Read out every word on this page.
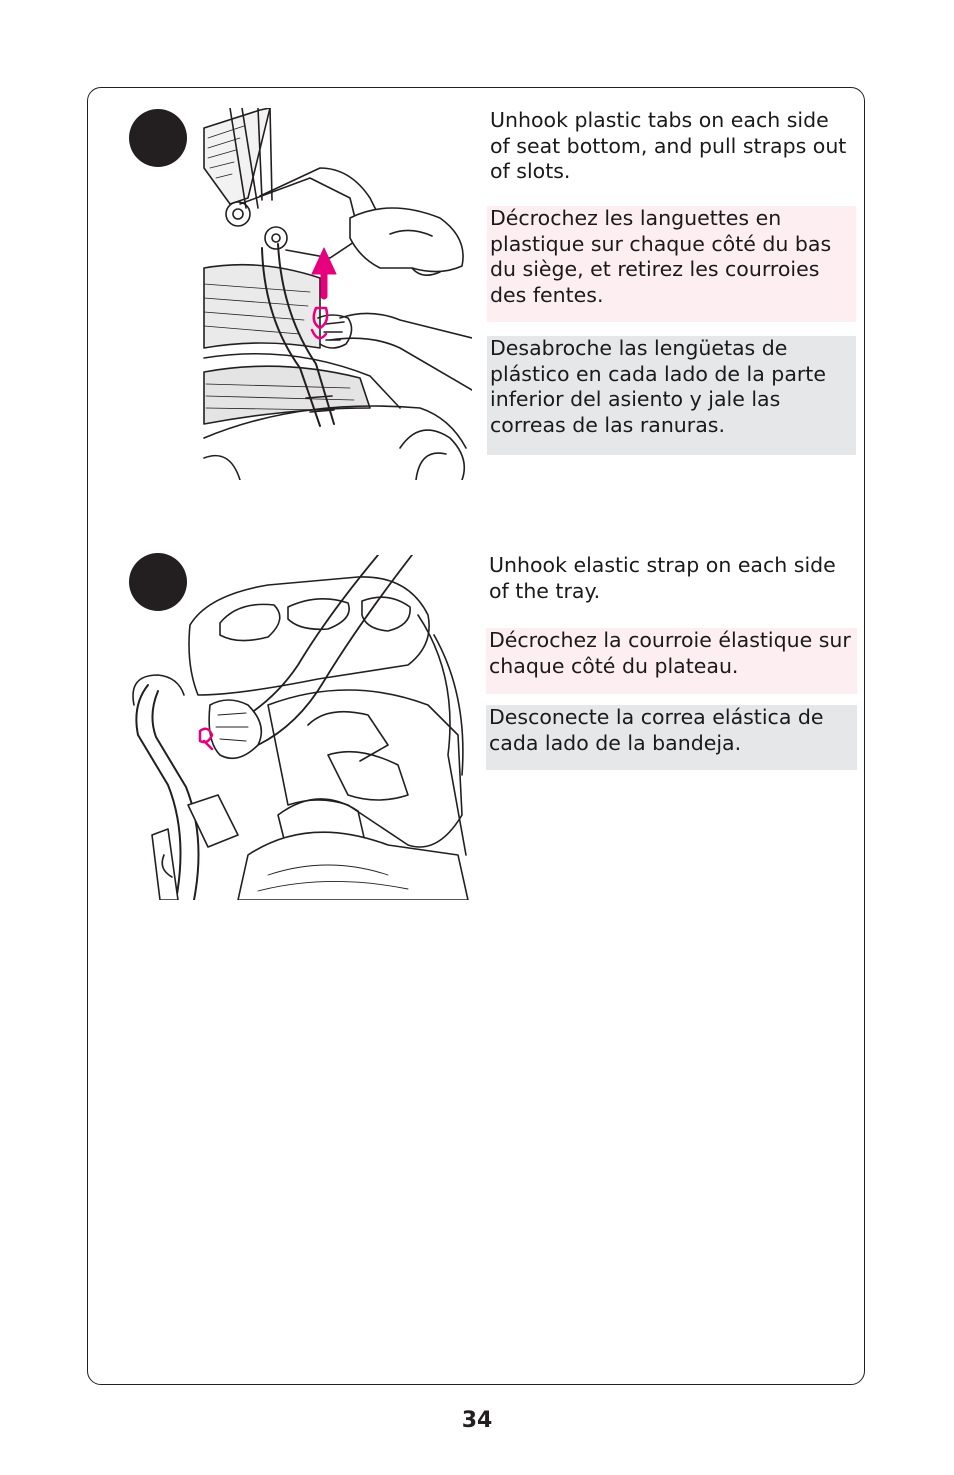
Unhook plastic tabs on each side of seat bottom, and pull straps out of slots.
Décrochez les languettes en plastique sur chaque côté du bas du siège, et retirez les courroies des fentes.
Desabroche las lengüetas de plástico en cada lado de la parte inferior del asiento y jale las correas de las ranuras.
Unhook elastic strap on each side of the tray.
Décrochez la courroie élastique sur chaque côté du plateau.
Desconecte la correa elástica de cada lado de la bandeja.
34
